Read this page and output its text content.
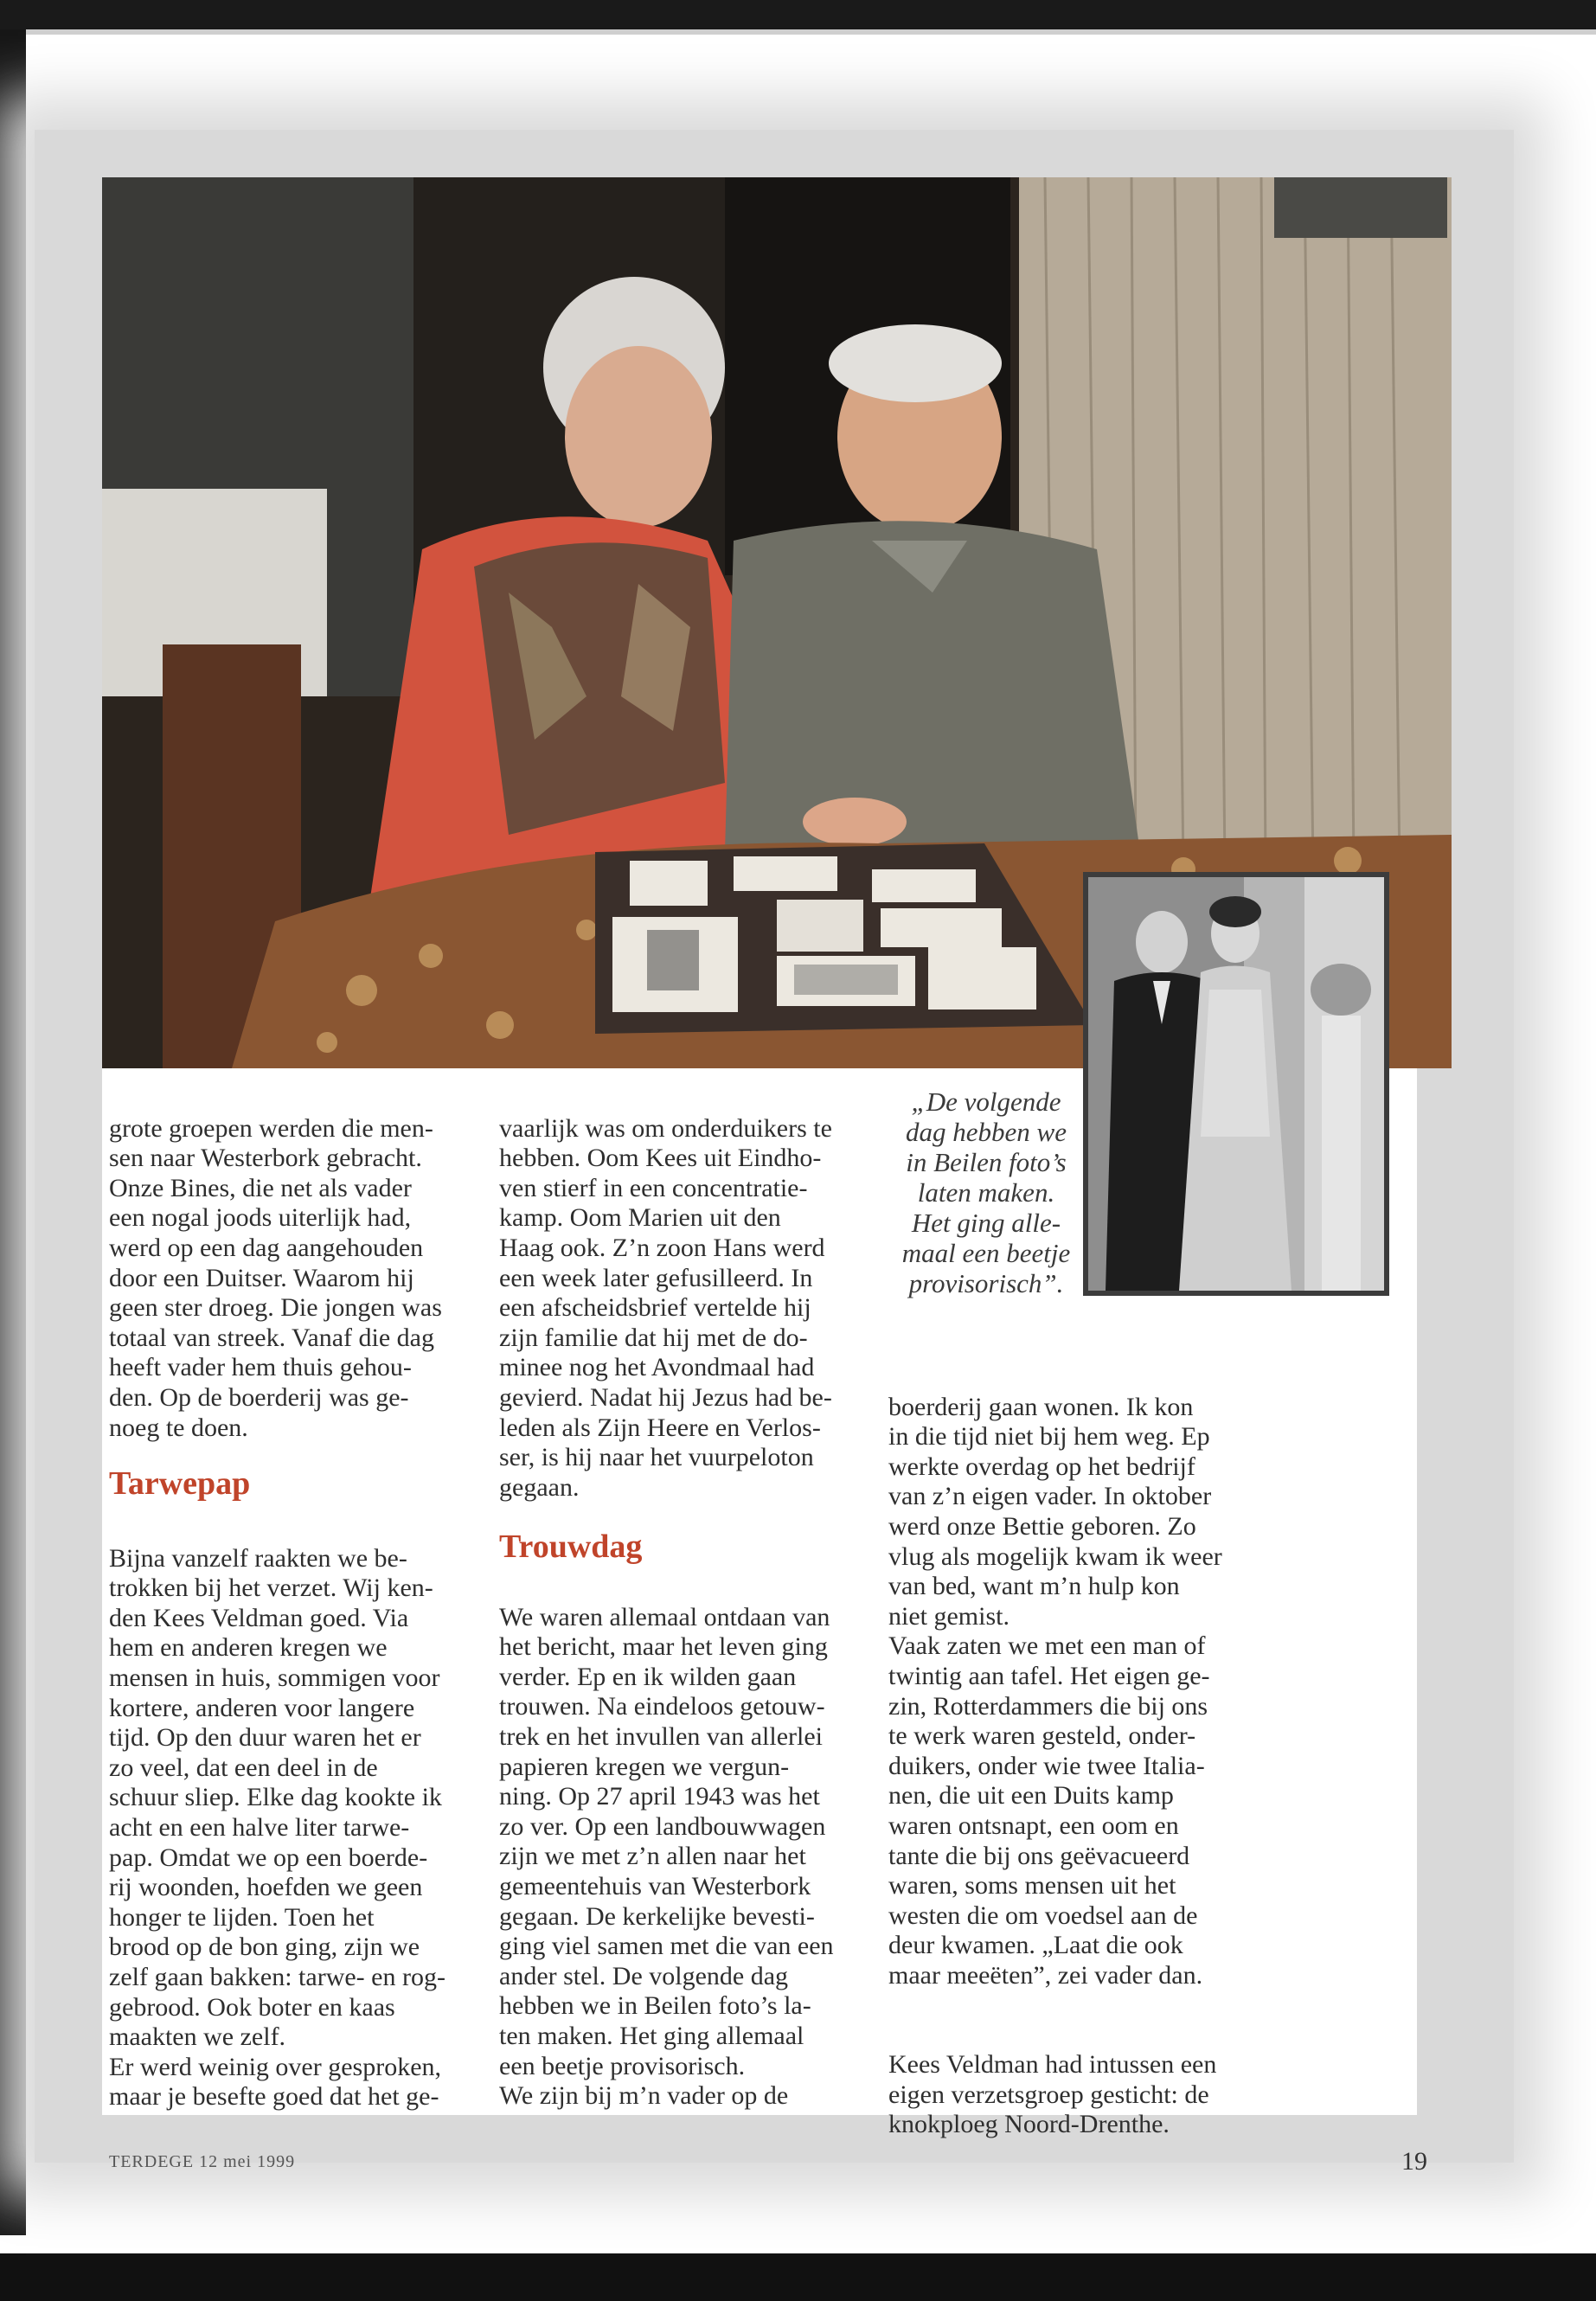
grote groepen werden die men-
sen naar Westerbork gebracht.
Onze Bines, die net als vader
een nogal joods uiterlijk had,
werd op een dag aangehouden
door een Duitser. Waarom hij
geen ster droeg. Die jongen was
totaal van streek. Vanaf die dag
heeft vader hem thuis gehou-
den. Op de boerderij was ge-
noeg te doen.

Tarwepap

Bijna vanzelf raakten we be-
trokken bij het verzet. Wij ken-
den Kees Veldman goed. Via
hem en anderen kregen we
mensen in huis, sommigen voor
kortere, anderen voor langere
tijd. Op den duur waren het er
zo veel, dat een deel in de
schuur sliep. Elke dag kookte ik
acht en een halve liter tarwe-
pap. Omdat we op een boerde-
rij woonden, hoefden we geen
honger te lijden. Toen het
brood op de bon ging, zijn we
zelf gaan bakken: tarwe- en rog-
gebrood. Ook boter en kaas
maakten we zelf.
Er werd weinig over gesproken,
maar je besefte goed dat het ge-

vaarlijk was om onderduikers te
hebben. Oom Kees uit Eindho-
ven stierf in een concentratie-
kamp. Oom Marien uit den
Haag ook. Z’n zoon Hans werd
een week later gefusilleerd. In
een afscheidsbrief vertelde hij
zijn familie dat hij met de do-
minee nog het Avondmaal had
gevierd. Nadat hij Jezus had be-
leden als Zijn Heere en Verlos-
ser, is hij naar het vuurpeloton
gegaan.

Trouwdag

We waren allemaal ontdaan van
het bericht, maar het leven ging
verder. Ep en ik wilden gaan
trouwen. Na eindeloos getouw-
trek en het invullen van allerlei
papieren kregen we vergun-
ning. Op 27 april 1943 was het
zo ver. Op een landbouwwagen
zijn we met z’n allen naar het
gemeentehuis van Westerbork
gegaan. De kerkelijke bevesti-
ging viel samen met die van een
ander stel. De volgende dag
hebben we in Beilen foto’s la-
ten maken. Het ging allemaal
een beetje provisorisch.
We zijn bij m’n vader op de

„De volgende
dag hebben we
in Beilen foto’s
laten maken.
Het ging alle-
maal een beetje
provisorisch”.

boerderij gaan wonen. Ik kon
in die tijd niet bij hem weg. Ep
werkte overdag op het bedrijf
van z’n eigen vader. In oktober
werd onze Bettie geboren. Zo
vlug als mogelijk kwam ik weer
van bed, want m’n hulp kon
niet gemist.
Vaak zaten we met een man of
twintig aan tafel. Het eigen ge-
zin, Rotterdammers die bij ons
te werk waren gesteld, onder-
duikers, onder wie twee Italia-
nen, die uit een Duits kamp
waren ontsnapt, een oom en
tante die bij ons geëvacueerd
waren, soms mensen uit het
westen die om voedsel aan de
deur kwamen. „Laat die ook
maar meeëten”, zei vader dan.

Kees Veldman had intussen een
eigen verzetsgroep gesticht: de
knokploeg Noord-Drenthe.

TERDEGE 12 mei 1999	19
